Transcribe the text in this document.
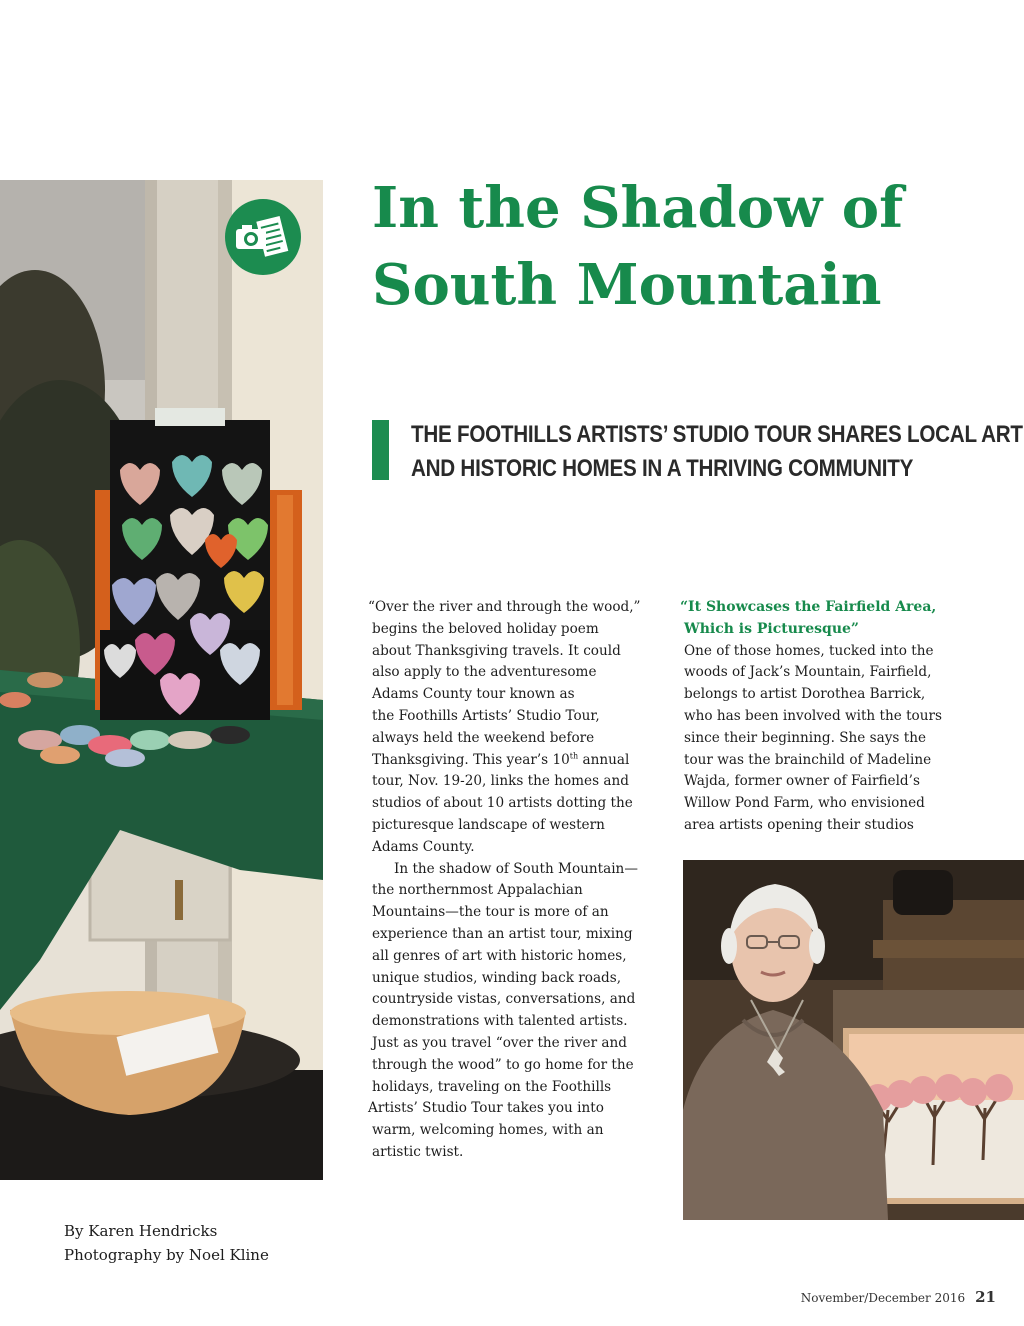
In the Shadow of
South Mountain
THE FOOTHILLS ARTISTS’ STUDIO TOUR SHARES LOCAL ART
AND HISTORIC HOMES IN A THRIVING COMMUNITY

“Over the river and through the wood,”
begins the beloved holiday poem
about Thanksgiving travels. It could
also apply to the adventuresome
Adams County tour known as
the Foothills Artists’ Studio Tour,
always held the weekend before
Thanksgiving. This year’s 10th annual
tour, Nov. 19-20, links the homes and
studios of about 10 artists dotting the
picturesque landscape of western
Adams County.

In the shadow of South Mountain—
the northernmost Appalachian
Mountains—the tour is more of an
experience than an artist tour, mixing
all genres of art with historic homes,
unique studios, winding back roads,
countryside vistas, conversations, and
demonstrations with talented artists.
Just as you travel “over the river and
through the wood” to go home for the
holidays, traveling on the Foothills
Artists’ Studio Tour takes you into
warm, welcoming homes, with an
artistic twist.

“It Showcases the Fairfield Area,
Which is Picturesque”

One of those homes, tucked into the
woods of Jack’s Mountain, Fairfield,
belongs to artist Dorothea Barrick,
who has been involved with the tours
since their beginning. She says the
tour was the brainchild of Madeline
Wajda, former owner of Fairfield’s
Willow Pond Farm, who envisioned
area artists opening their studios

By Karen Hendricks
Photography by Noel Kline
November/December 2016 21
